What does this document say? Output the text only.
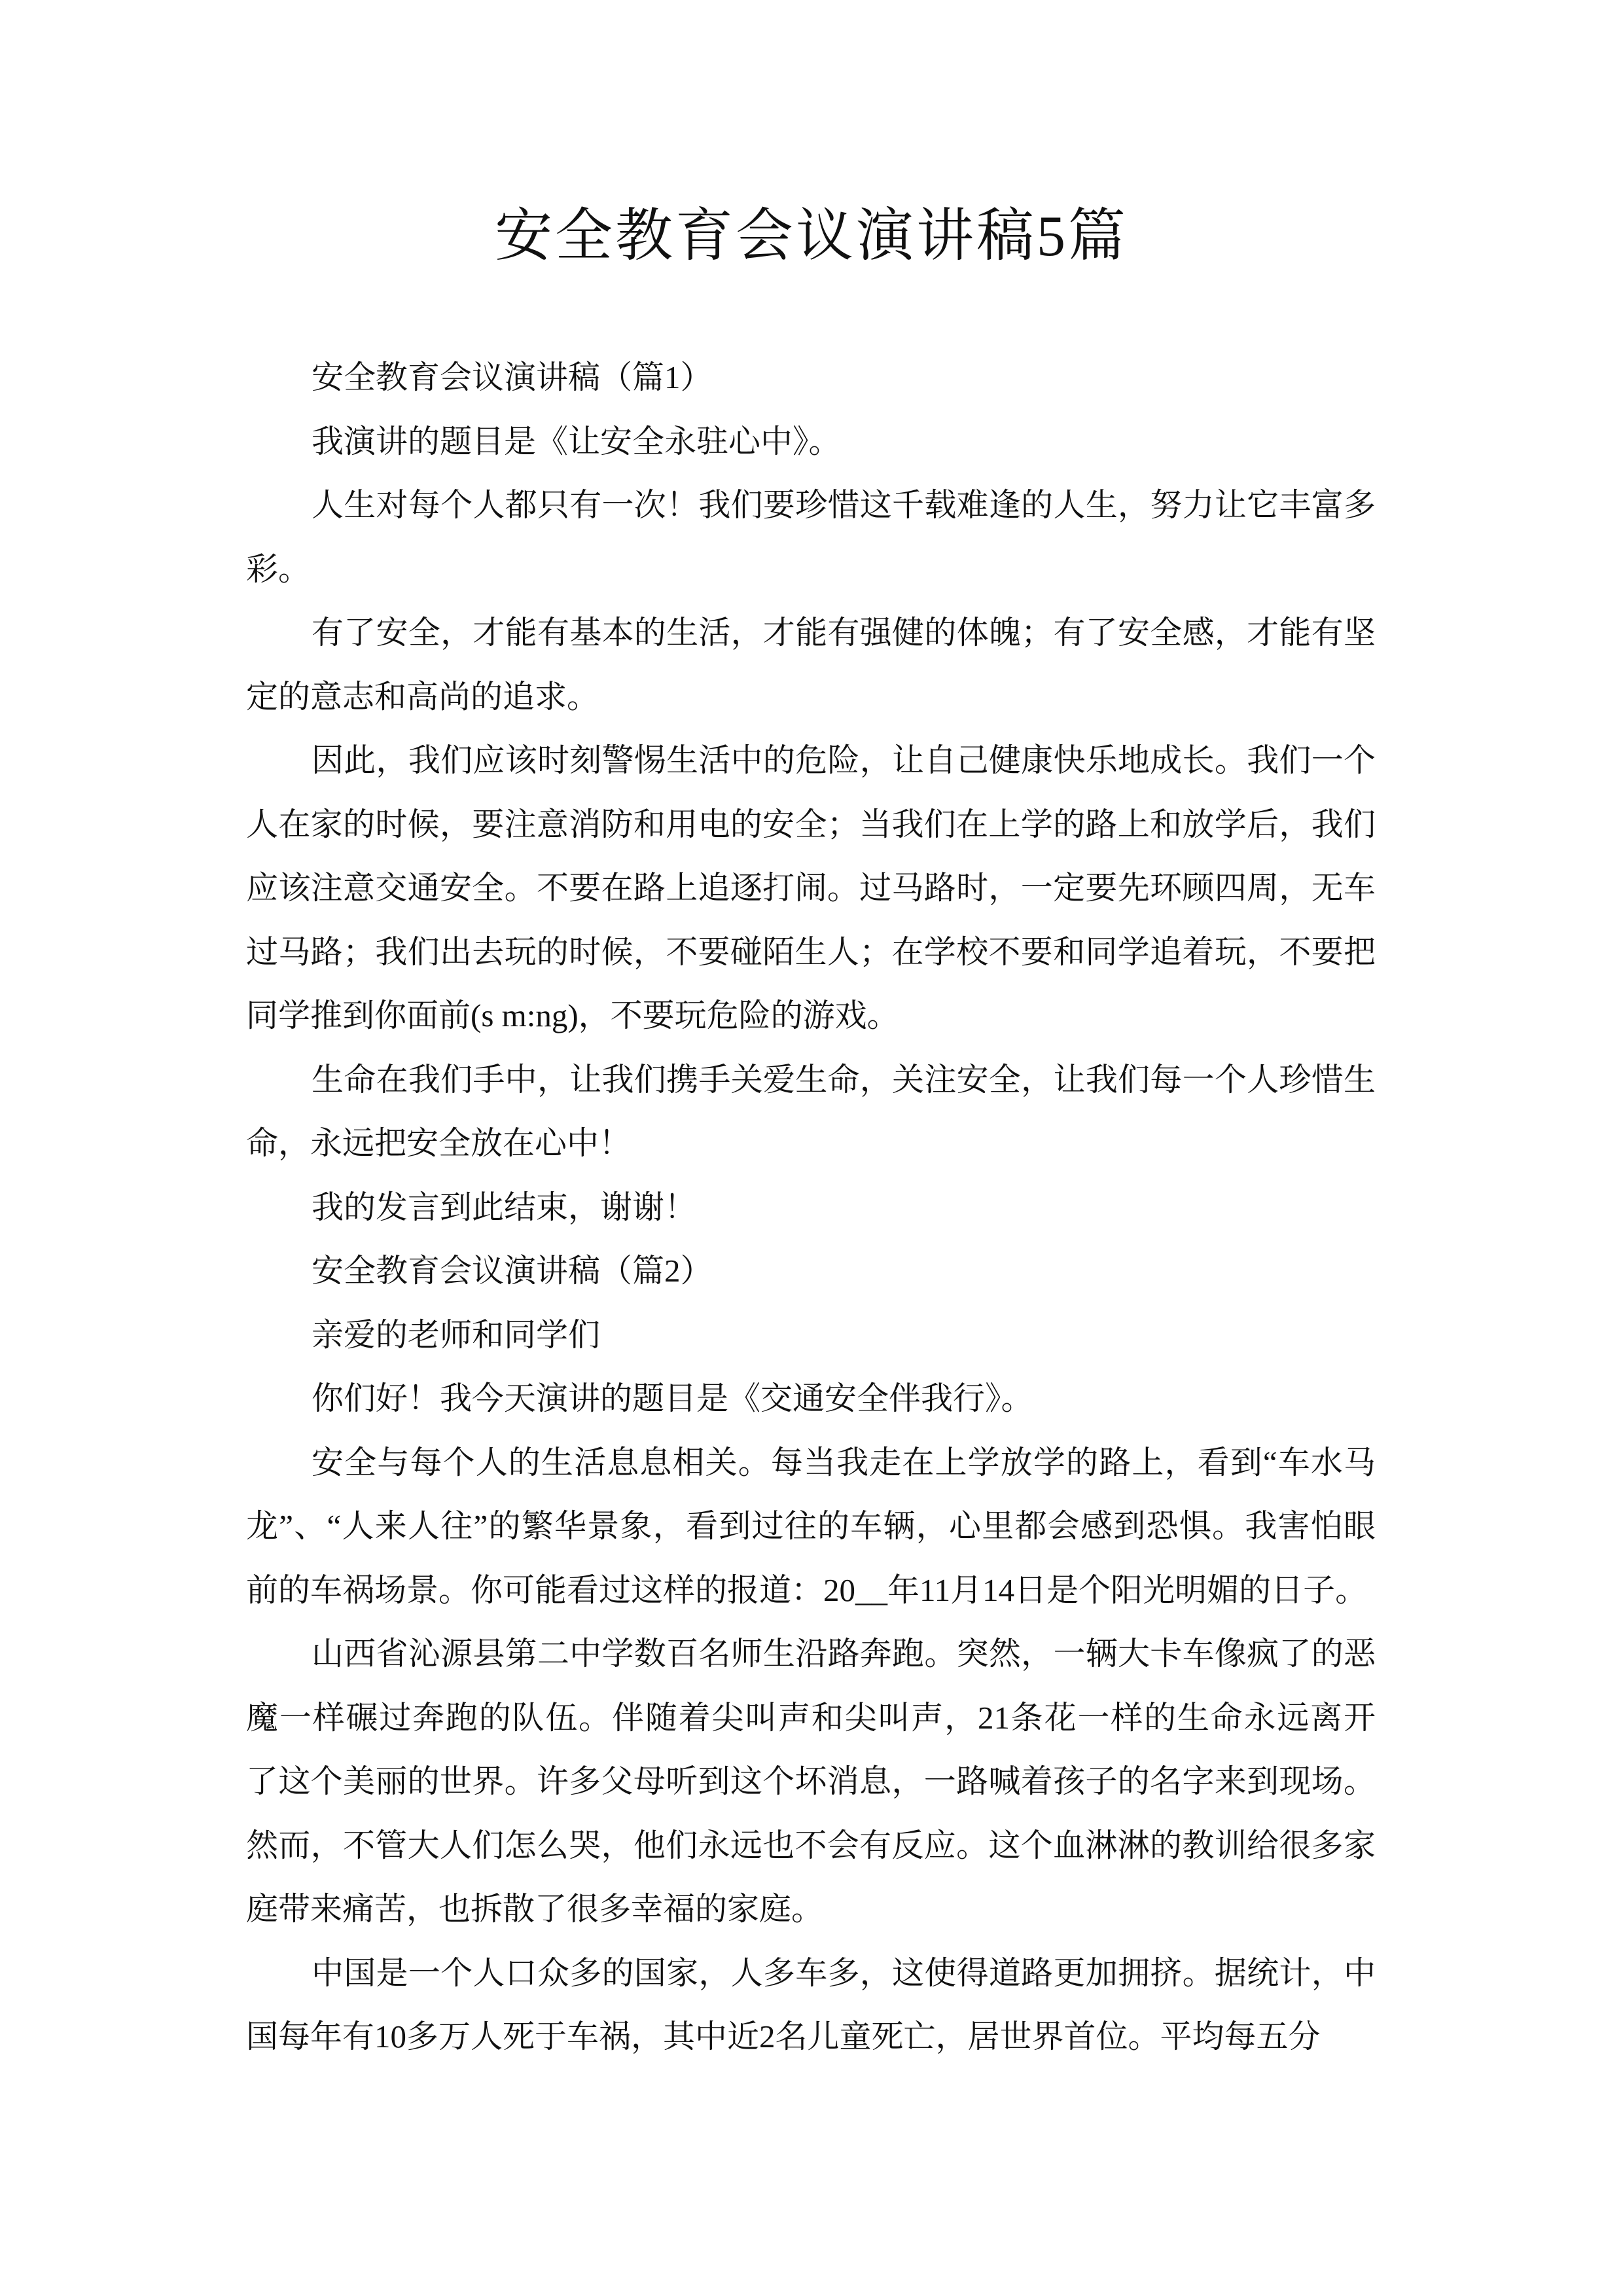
安全教育会议演讲稿5篇
安全教育会议演讲稿（篇1）
我演讲的题目是《让安全永驻心中》。
人生对每个人都只有一次！我们要珍惜这千载难逢的人生，努力让它丰富多
彩。
有了安全，才能有基本的生活，才能有强健的体魄；有了安全感，才能有坚
定的意志和高尚的追求。
因此，我们应该时刻警惕生活中的危险，让自己健康快乐地成长。我们一个
人在家的时候，要注意消防和用电的安全；当我们在上学的路上和放学后，我们
应该注意交通安全。不要在路上追逐打闹。过马路时，一定要先环顾四周，无车
过马路；我们出去玩的时候，不要碰陌生人；在学校不要和同学追着玩，不要把
同学推到你面前(s m:ng)，不要玩危险的游戏。
生命在我们手中，让我们携手关爱生命，关注安全，让我们每一个人珍惜生
命，永远把安全放在心中！
我的发言到此结束，谢谢！
安全教育会议演讲稿（篇2）
亲爱的老师和同学们
你们好！我今天演讲的题目是《交通安全伴我行》。
安全与每个人的生活息息相关。每当我走在上学放学的路上，看到“车水马
龙”、“人来人往”的繁华景象，看到过往的车辆，心里都会感到恐惧。我害怕眼
前的车祸场景。你可能看过这样的报道：20__年11月14日是个阳光明媚的日子。
山西省沁源县第二中学数百名师生沿路奔跑。突然，一辆大卡车像疯了的恶
魔一样碾过奔跑的队伍。伴随着尖叫声和尖叫声，21条花一样的生命永远离开
了这个美丽的世界。许多父母听到这个坏消息，一路喊着孩子的名字来到现场。
然而，不管大人们怎么哭，他们永远也不会有反应。这个血淋淋的教训给很多家
庭带来痛苦，也拆散了很多幸福的家庭。
中国是一个人口众多的国家，人多车多，这使得道路更加拥挤。据统计，中
国每年有10多万人死于车祸，其中近2名儿童死亡，居世界首位。平均每五分
